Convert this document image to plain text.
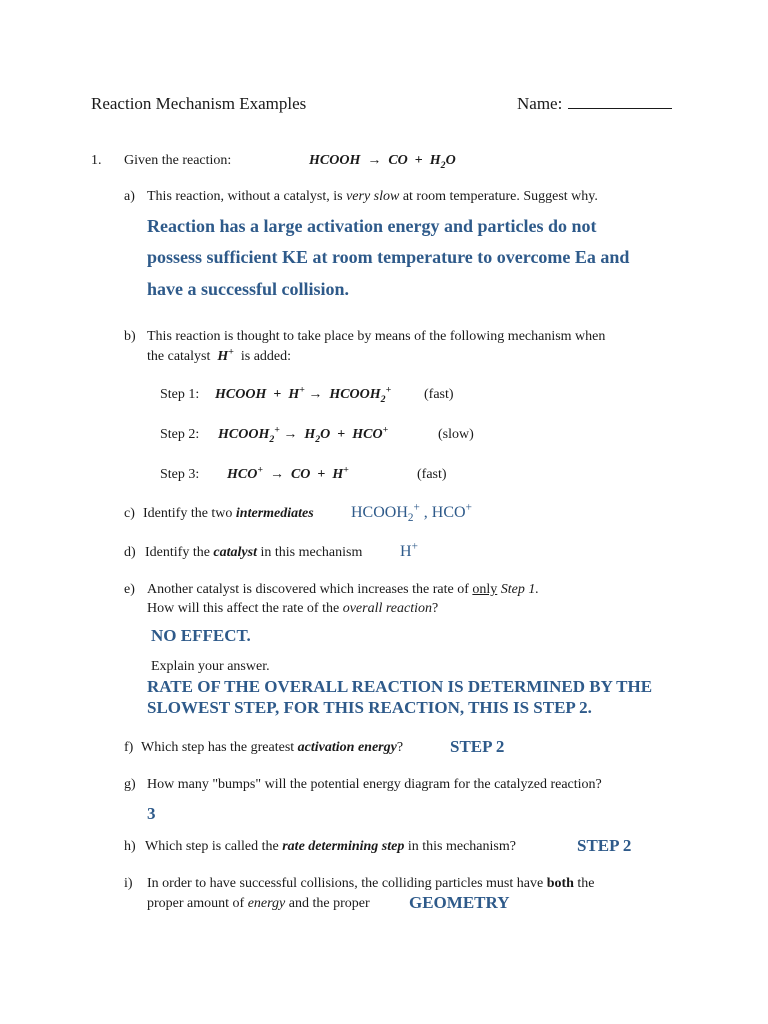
Reaction Mechanism Examples	Name:
1. Given the reaction:	HCOOH → CO + $H_2O$
a) This reaction, without a catalyst, is very slow at room temperature. Suggest why.
Reaction has a large activation energy and particles do not
possess sufficient KE at room temperature to overcome Ea and
have a successful collision.
b) This reaction is thought to take place by means of the following mechanism when
the catalyst H+ is added:
Step 1: HCOOH  +  $H^+ \to HCOOH_2^+$ (fast)
Step 2: $HCOOH_2^+ \to H_2O + HCO^+$	(slow)
Step 3: HCO+ →  CO  +  H+	(fast)
c) Identify the two intermediates $HCOOH_2^+$ , HCO+
d) Identify the catalyst in this mechanism H+
e) Another catalyst is discovered which increases the rate of only Step 1.
How will this affect the rate of the overall reaction?
NO EFFECT.
Explain your answer.
RATE OF THE OVERALL REACTION IS DETERMINED BY THE
SLOWEST STEP, FOR THIS REACTION, THIS IS STEP 2.
f) Which step has the greatest activation energy?	STEP 2
g) How many "bumps" will the potential energy diagram for the catalyzed reaction?
3
h) Which step is called the rate determining step in this mechanism?	STEP 2
i) In order to have successful collisions, the colliding particles must have both the
proper amount of energy and the proper GEOMETRY
